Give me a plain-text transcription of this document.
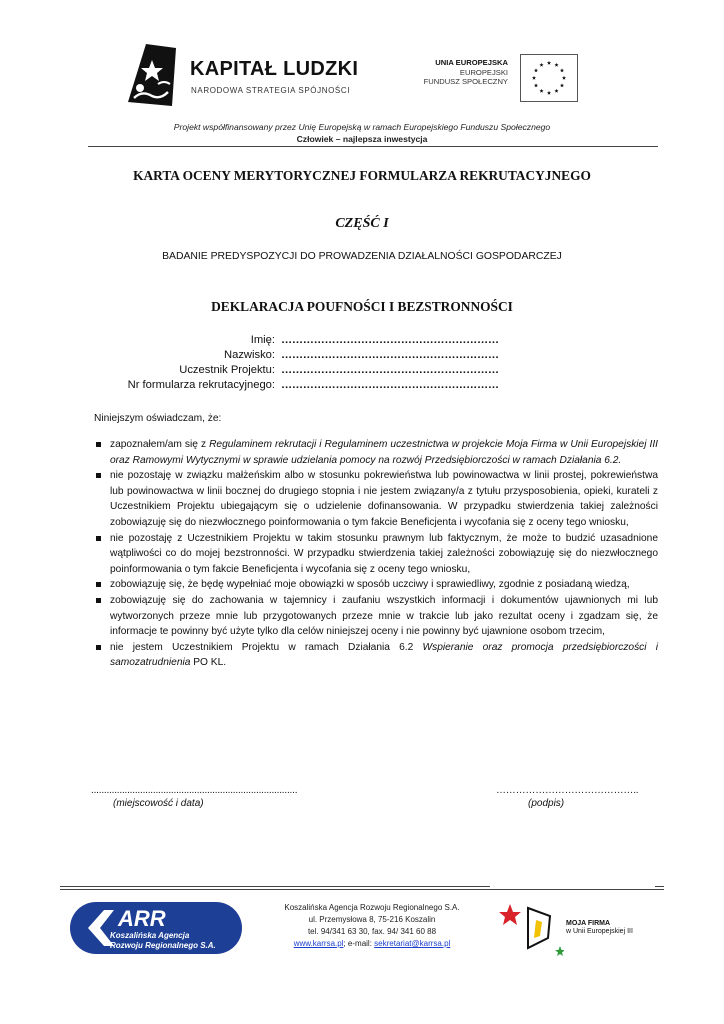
KAPITAŁ LUDZKI
NARODOWA STRATEGIA SPÓJNOŚCI
UNIA EUROPEJSKA
EUROPEJSKI
FUNDUSZ SPOŁECZNY
Projekt współfinansowany przez Unię Europejską w ramach Europejskiego Funduszu Społecznego
Człowiek – najlepsza inwestycja
KARTA OCENY MERYTORYCZNEJ FORMULARZA REKRUTACYJNEGO
CZĘŚĆ I
BADANIE PREDYSPOZYCJI DO PROWADZENIA DZIAŁALNOŚCI GOSPODARCZEJ
DEKLARACJA POUFNOŚCI I BEZSTRONNOŚCI
Imię: ……………………………………………………
Nazwisko: ……………………………………………………
Uczestnik Projektu: ……………………………………………………
Nr formularza rekrutacyjnego: ……………………………………………………
Niniejszym oświadczam, że:
zapoznałem/am się z Regulaminem rekrutacji i Regulaminem uczestnictwa w projekcie Moja Firma w Unii Europejskiej III oraz Ramowymi Wytycznymi w sprawie udzielania pomocy na rozwój Przedsiębiorczości w ramach Działania 6.2.
nie pozostaję w związku małżeńskim albo w stosunku pokrewieństwa lub powinowactwa w linii prostej, pokrewieństwa lub powinowactwa w linii bocznej do drugiego stopnia i nie jestem związany/a z tytułu przysposobienia, opieki, kurateli z Uczestnikiem Projektu ubiegającym się o udzielenie dofinansowania. W przypadku stwierdzenia takiej zależności zobowiązuję się do niezwłocznego poinformowania o tym fakcie Beneficjenta i wycofania się z oceny tego wniosku,
nie pozostaję z Uczestnikiem Projektu w takim stosunku prawnym lub faktycznym, że może to budzić uzasadnione wątpliwości co do mojej bezstronności. W przypadku stwierdzenia takiej zależności zobowiązuję się do niezwłocznego poinformowania o tym fakcie Beneficjenta i wycofania się z oceny tego wniosku,
zobowiązuję się, że będę wypełniać moje obowiązki w sposób uczciwy i sprawiedliwy, zgodnie z posiadaną wiedzą,
zobowiązuję się do zachowania w tajemnicy i zaufaniu wszystkich informacji i dokumentów ujawnionych mi lub wytworzonych przeze mnie lub przygotowanych przeze mnie w trakcie lub jako rezultat oceny i zgadzam się, że informacje te powinny być użyte tylko dla celów niniejszej oceny i nie powinny być ujawnione osobom trzecim,
nie jestem Uczestnikiem Projektu w ramach Działania 6.2 Wspieranie oraz promocja przedsiębiorczości i samozatrudnienia PO KL.
................................................................................
(miejscowość i data)
……………………………………..
(podpis)
ARR
Koszalińska Agencja
Rozwoju Regionalnego S.A.
Koszalińska Agencja Rozwoju Regionalnego S.A.
ul. Przemysłowa 8, 75-216 Koszalin
tel. 94/341 63 30, fax. 94/ 341 60 88
www.karrsa.pl; e-mail: sekretariat@karrsa.pl
MOJA FIRMA
w Unii Europejskiej III
